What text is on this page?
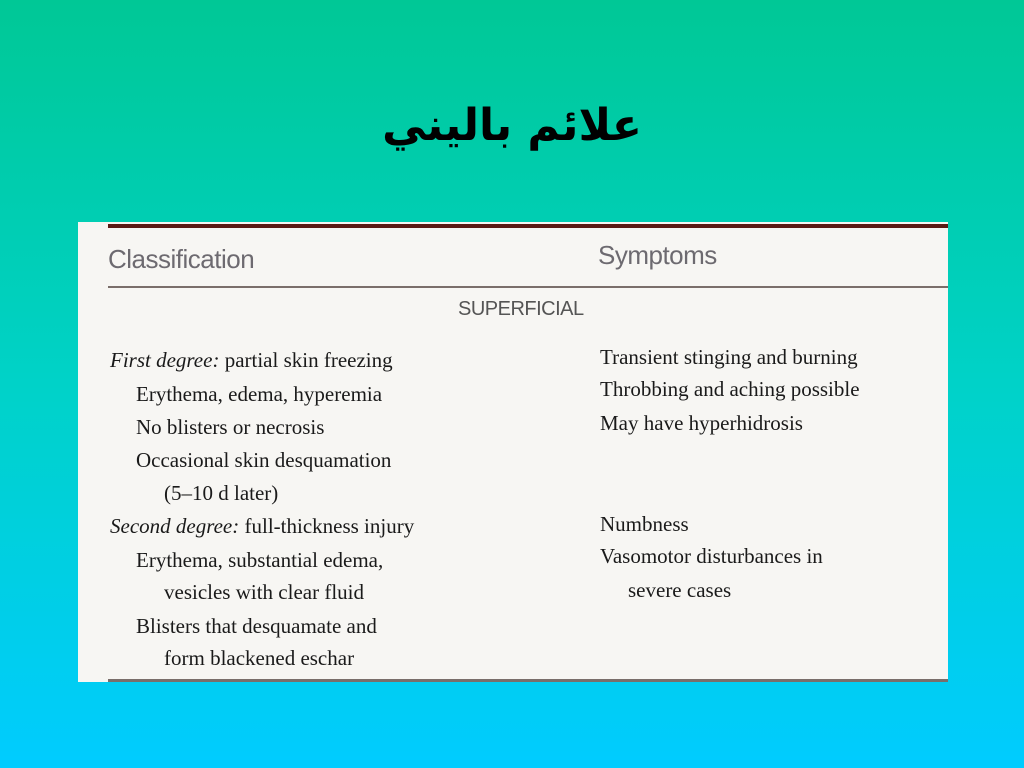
علائم بالیني
Classification	Symptoms
SUPERFICIAL
First degree: partial skin freezing
Erythema, edema, hyperemia
No blisters or necrosis
Occasional skin desquamation
(5–10 d later)
Transient stinging and burning
Throbbing and aching possible
May have hyperhidrosis
Second degree: full-thickness injury
Erythema, substantial edema,
vesicles with clear fluid
Blisters that desquamate and
form blackened eschar
Numbness
Vasomotor disturbances in
severe cases
